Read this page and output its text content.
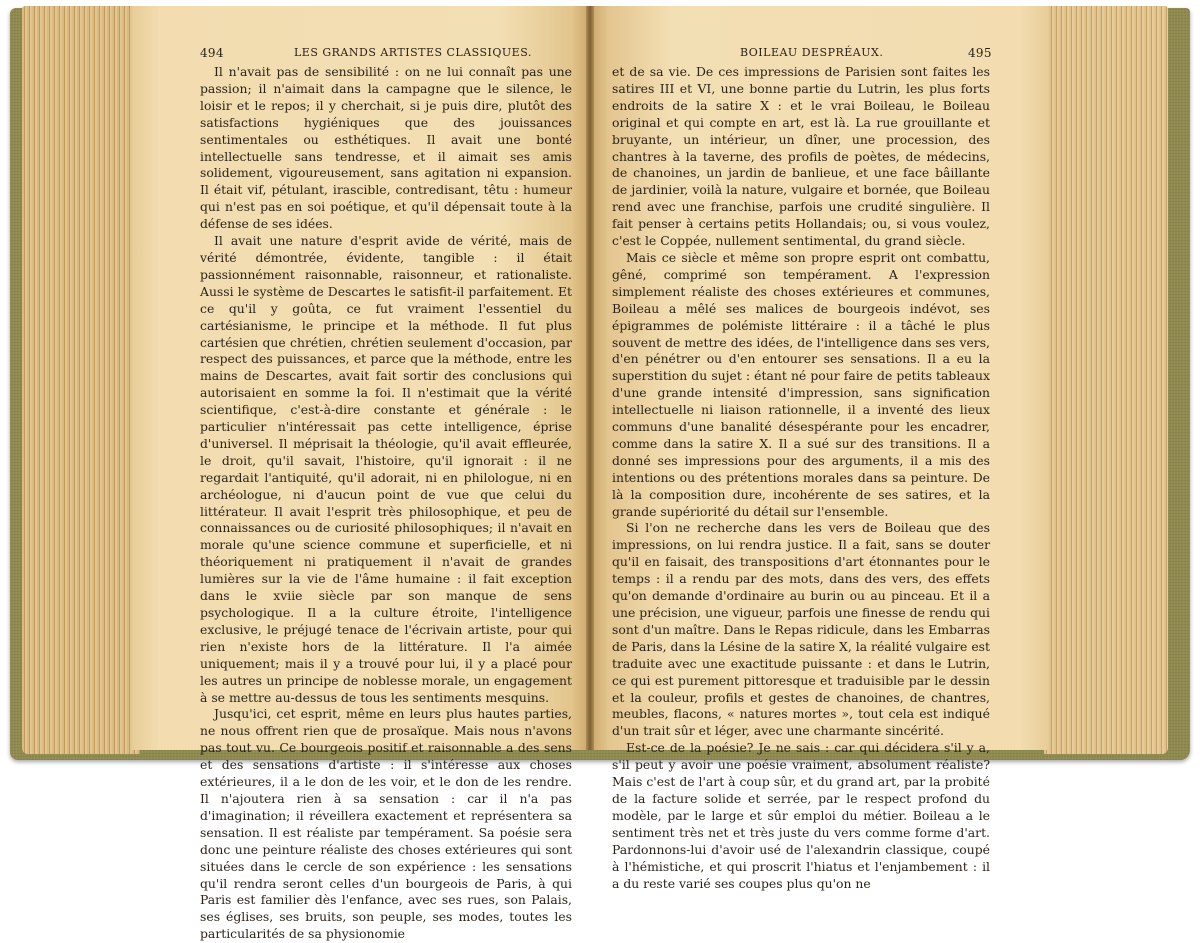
494	LES GRANDS ARTISTES CLASSIQUES.

Il n'avait pas de sensibilité : on ne lui connaît pas une passion; il n'aimait dans la campagne que le silence, le loisir et le repos; il y cherchait, si je puis dire, plutôt des satisfactions hygiéniques que des jouissances sentimentales ou esthétiques. Il avait une bonté intellectuelle sans tendresse, et il aimait ses amis solidement, vigoureusement, sans agitation ni expansion. Il était vif, pétulant, irascible, contredisant, têtu : humeur qui n'est pas en soi poétique, et qu'il dépensait toute à la défense de ses idées.

Il avait une nature d'esprit avide de vérité, mais de vérité démontrée, évidente, tangible : il était passionnément raisonnable, raisonneur, et rationaliste. Aussi le système de Descartes le satisfit-il parfaitement. Et ce qu'il y goûta, ce fut vraiment l'essentiel du cartésianisme, le principe et la méthode. Il fut plus cartésien que chrétien, chrétien seulement d'occasion, par respect des puissances, et parce que la méthode, entre les mains de Descartes, avait fait sortir des conclusions qui autorisaient en somme la foi. Il n'estimait que la vérité scientifique, c'est-à-dire constante et générale : le particulier n'intéressait pas cette intelligence, éprise d'universel. Il méprisait la théologie, qu'il avait effleurée, le droit, qu'il savait, l'histoire, qu'il ignorait : il ne regardait l'antiquité, qu'il adorait, ni en philologue, ni en archéologue, ni d'aucun point de vue que celui du littérateur. Il avait l'esprit très philosophique, et peu de connaissances ou de curiosité philosophiques; il n'avait en morale qu'une science commune et superficielle, et ni théoriquement ni pratiquement il n'avait de grandes lumières sur la vie de l'âme humaine : il fait exception dans le xviie siècle par son manque de sens psychologique. Il a la culture étroite, l'intelligence exclusive, le préjugé tenace de l'écrivain artiste, pour qui rien n'existe hors de la littérature. Il l'a aimée uniquement; mais il y a trouvé pour lui, il y a placé pour les autres un principe de noblesse morale, un engagement à se mettre au-dessus de tous les sentiments mesquins.

Jusqu'ici, cet esprit, même en leurs plus hautes parties, ne nous offrent rien que de prosaïque. Mais nous n'avons pas tout vu. Ce bourgeois positif et raisonnable a des sens et des sensations d'artiste : il s'intéresse aux choses extérieures, il a le don de les voir, et le don de les rendre. Il n'ajoutera rien à sa sensation : car il n'a pas d'imagination; il réveillera exactement et représentera sa sensation. Il est réaliste par tempérament. Sa poésie sera donc une peinture réaliste des choses extérieures qui sont situées dans le cercle de son expérience : les sensations qu'il rendra seront celles d'un bourgeois de Paris, à qui Paris est familier dès l'enfance, avec ses rues, son Palais, ses églises, ses bruits, son peuple, ses modes, toutes les particularités de sa physionomie

BOILEAU DESPRÉAUX.	495

et de sa vie. De ces impressions de Parisien sont faites les satires III et VI, une bonne partie du Lutrin, les plus forts endroits de la satire X : et le vrai Boileau, le Boileau original et qui compte en art, est là. La rue grouillante et bruyante, un intérieur, un dîner, une procession, des chantres à la taverne, des profils de poètes, de médecins, de chanoines, un jardin de banlieue, et une face bâillante de jardinier, voilà la nature, vulgaire et bornée, que Boileau rend avec une franchise, parfois une crudité singulière. Il fait penser à certains petits Hollandais; ou, si vous voulez, c'est le Coppée, nullement sentimental, du grand siècle.

Mais ce siècle et même son propre esprit ont combattu, gêné, comprimé son tempérament. A l'expression simplement réaliste des choses extérieures et communes, Boileau a mêlé ses malices de bourgeois indévot, ses épigrammes de polémiste littéraire : il a tâché le plus souvent de mettre des idées, de l'intelligence dans ses vers, d'en pénétrer ou d'en entourer ses sensations. Il a eu la superstition du sujet : étant né pour faire de petits tableaux d'une grande intensité d'impression, sans signification intellectuelle ni liaison rationnelle, il a inventé des lieux communs d'une banalité désespérante pour les encadrer, comme dans la satire X. Il a sué sur des transitions. Il a donné ses impressions pour des arguments, il a mis des intentions ou des prétentions morales dans sa peinture. De là la composition dure, incohérente de ses satires, et la grande supériorité du détail sur l'ensemble.

Si l'on ne recherche dans les vers de Boileau que des impressions, on lui rendra justice. Il a fait, sans se douter qu'il en faisait, des transpositions d'art étonnantes pour le temps : il a rendu par des mots, dans des vers, des effets qu'on demande d'ordinaire au burin ou au pinceau. Et il a une précision, une vigueur, parfois une finesse de rendu qui sont d'un maître. Dans le Repas ridicule, dans les Embarras de Paris, dans la Lésine de la satire X, la réalité vulgaire est traduite avec une exactitude puissante : et dans le Lutrin, ce qui est purement pittoresque et traduisible par le dessin et la couleur, profils et gestes de chanoines, de chantres, meubles, flacons, « natures mortes », tout cela est indiqué d'un trait sûr et léger, avec une charmante sincérité.

Est-ce de la poésie? Je ne sais : car qui décidera s'il y a, s'il peut y avoir une poésie vraiment, absolument réaliste? Mais c'est de l'art à coup sûr, et du grand art, par la probité de la facture solide et serrée, par le respect profond du modèle, par le large et sûr emploi du métier. Boileau a le sentiment très net et très juste du vers comme forme d'art. Pardonnons-lui d'avoir usé de l'alexandrin classique, coupé à l'hémistiche, et qui proscrit l'hiatus et l'enjambement : il a du reste varié ses coupes plus qu'on ne
